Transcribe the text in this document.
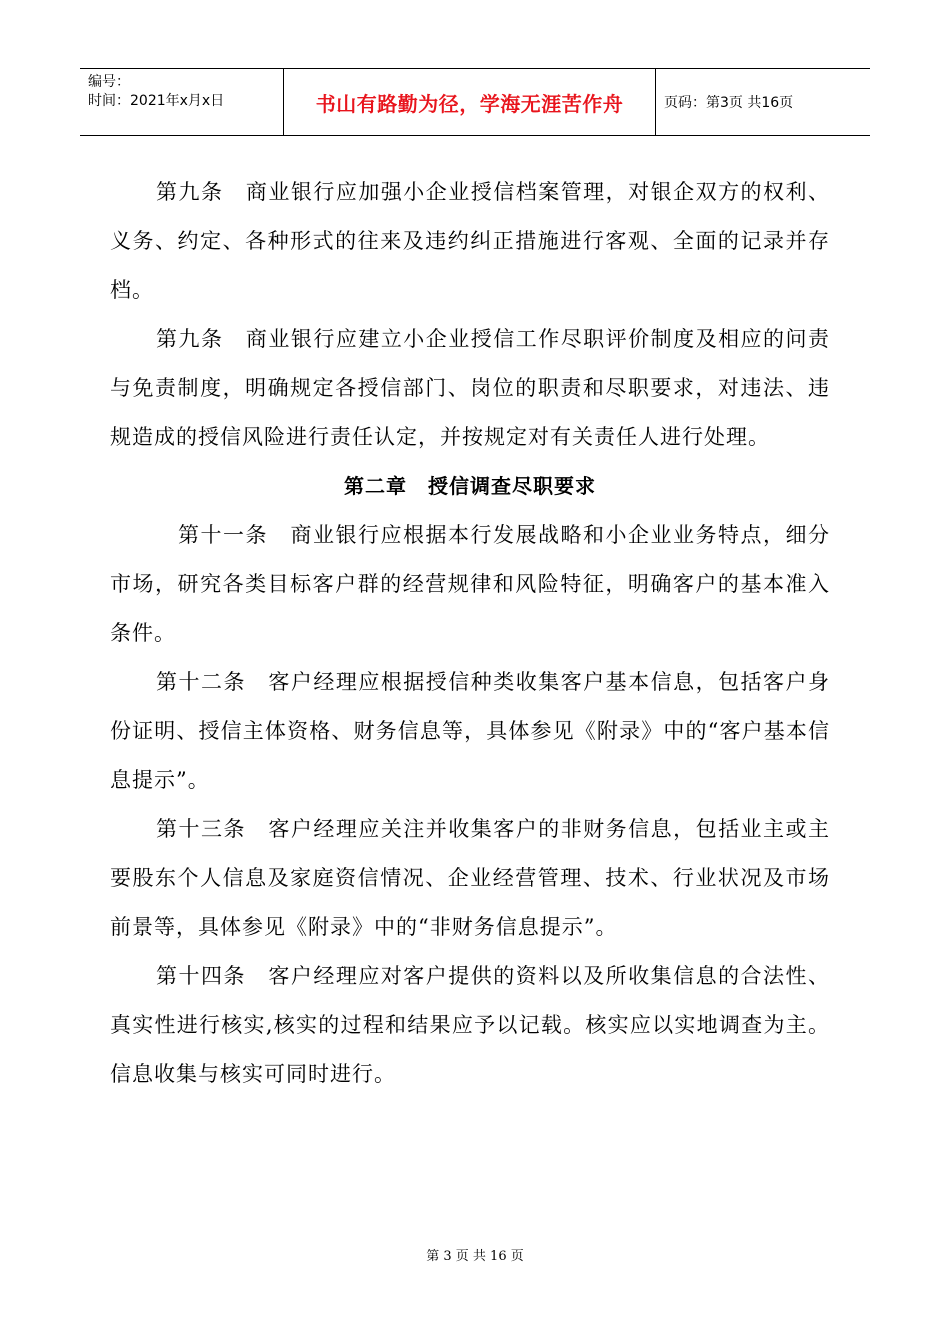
编号：
时间：2021年x月x日	书山有路勤为径，学海无涯苦作舟	页码：第3页 共16页

第九条　商业银行应加强小企业授信档案管理，对银企双方的权利、义务、约定、各种形式的往来及违约纠正措施进行客观、全面的记录并存档。

第九条　商业银行应建立小企业授信工作尽职评价制度及相应的问责与免责制度，明确规定各授信部门、岗位的职责和尽职要求，对违法、违规造成的授信风险进行责任认定，并按规定对有关责任人进行处理。

第二章　授信调查尽职要求

第十一条　商业银行应根据本行发展战略和小企业业务特点，细分市场，研究各类目标客户群的经营规律和风险特征，明确客户的基本准入条件。

第十二条　客户经理应根据授信种类收集客户基本信息，包括客户身份证明、授信主体资格、财务信息等，具体参见《附录》中的“客户基本信息提示”。

第十三条　客户经理应关注并收集客户的非财务信息，包括业主或主要股东个人信息及家庭资信情况、企业经营管理、技术、行业状况及市场前景等，具体参见《附录》中的“非财务信息提示”。

第十四条　客户经理应对客户提供的资料以及所收集信息的合法性、真实性进行核实,核实的过程和结果应予以记载。核实应以实地调查为主。信息收集与核实可同时进行。

第 3 页 共 16 页
